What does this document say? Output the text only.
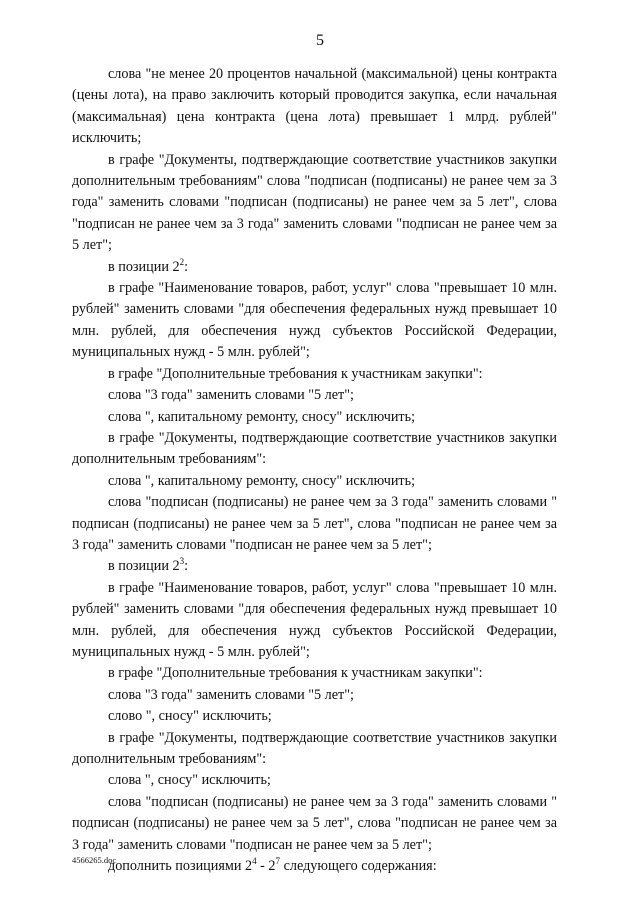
5

слова "не менее 20 процентов начальной (максимальной) цены контракта (цены лота), на право заключить который проводится закупка, если начальная (максимальная) цена контракта (цена лота) превышает 1 млрд. рублей" исключить;

в графе "Документы, подтверждающие соответствие участников закупки дополнительным требованиям" слова "подписан (подписаны) не ранее чем за 3 года" заменить словами "подписан (подписаны) не ранее чем за 5 лет", слова "подписан не ранее чем за 3 года" заменить словами "подписан не ранее чем за 5 лет";

в позиции $2^2$:

в графе "Наименование товаров, работ, услуг" слова "превышает 10 млн. рублей" заменить словами "для обеспечения федеральных нужд превышает 10 млн. рублей, для обеспечения нужд субъектов Российской Федерации, муниципальных нужд - 5 млн. рублей";

в графе "Дополнительные требования к участникам закупки":

слова "3 года" заменить словами "5 лет";

слова ", капитальному ремонту, сносу" исключить;

в графе "Документы, подтверждающие соответствие участников закупки дополнительным требованиям":

слова ", капитальному ремонту, сносу" исключить;

слова "подписан (подписаны) не ранее чем за 3 года" заменить словами " подписан (подписаны) не ранее чем за 5 лет", слова "подписан не ранее чем за 3 года" заменить словами "подписан не ранее чем за 5 лет";

в позиции $2^3$:

в графе "Наименование товаров, работ, услуг" слова "превышает 10 млн. рублей" заменить словами "для обеспечения федеральных нужд превышает 10 млн. рублей, для обеспечения нужд субъектов Российской Федерации, муниципальных нужд - 5 млн. рублей";

в графе "Дополнительные требования к участникам закупки":

слова "3 года" заменить словами "5 лет";

слово ", сносу" исключить;

в графе "Документы, подтверждающие соответствие участников закупки дополнительным требованиям":

слова ", сносу" исключить;

слова "подписан (подписаны) не ранее чем за 3 года" заменить словами " подписан (подписаны) не ранее чем за 5 лет", слова "подписан не ранее чем за 3 года" заменить словами "подписан не ранее чем за 5 лет";

дополнить позициями $2^4 - 2^7$ следующего содержания:

4566265.doc
